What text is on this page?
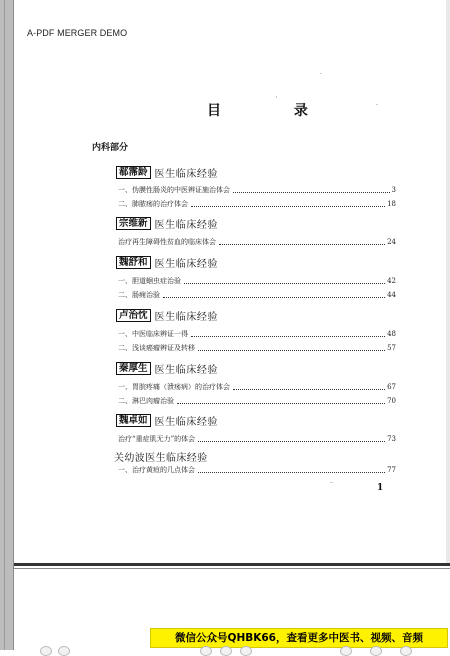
A-PDF MERGER DEMO
目 录
内科部分
郗霈龄 医生临床经验
一、伪膜性肠炎的中医辨证施治体会	3
二、肺脓疡的治疗体会	18
宗维新 医生临床经验
治疗再生障碍性贫血的临床体会	24
魏舒和 医生临床经验
一、胆道蛔虫症治验	42
二、肠痈治验	44
卢治忱 医生临床经验
一、中医临床辨证一得	48
二、浅谈癌瘤辨证及转移	57
秦厚生 医生临床经验
一、胃脘疼痛（溃疡病）的治疗体会	67
二、淋巴肉瘤治验	70
魏卓如 医生临床经验
治疗“重症肌无力”的体会	73
关幼波医生临床经验
一、治疗黄疸的几点体会	77
1
微信公众号QHBK66，查看更多中医书、视频、音频
